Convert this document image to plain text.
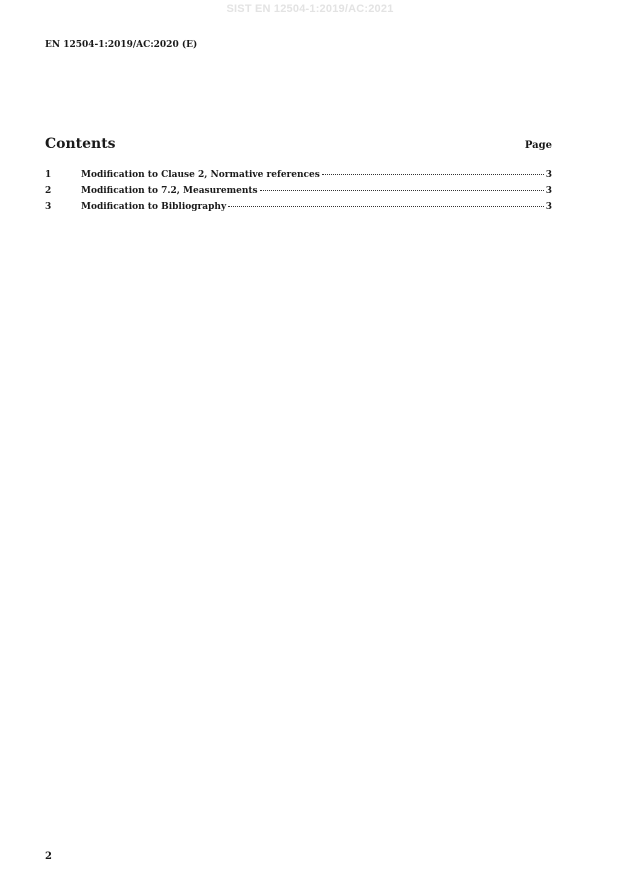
SIST EN 12504-1:2019/AC:2021
EN 12504-1:2019/AC:2020 (E)
Contents	Page
1	Modification to Clause 2, Normative references	3
2	Modification to 7.2, Measurements	3
3	Modification to Bibliography	3
2
